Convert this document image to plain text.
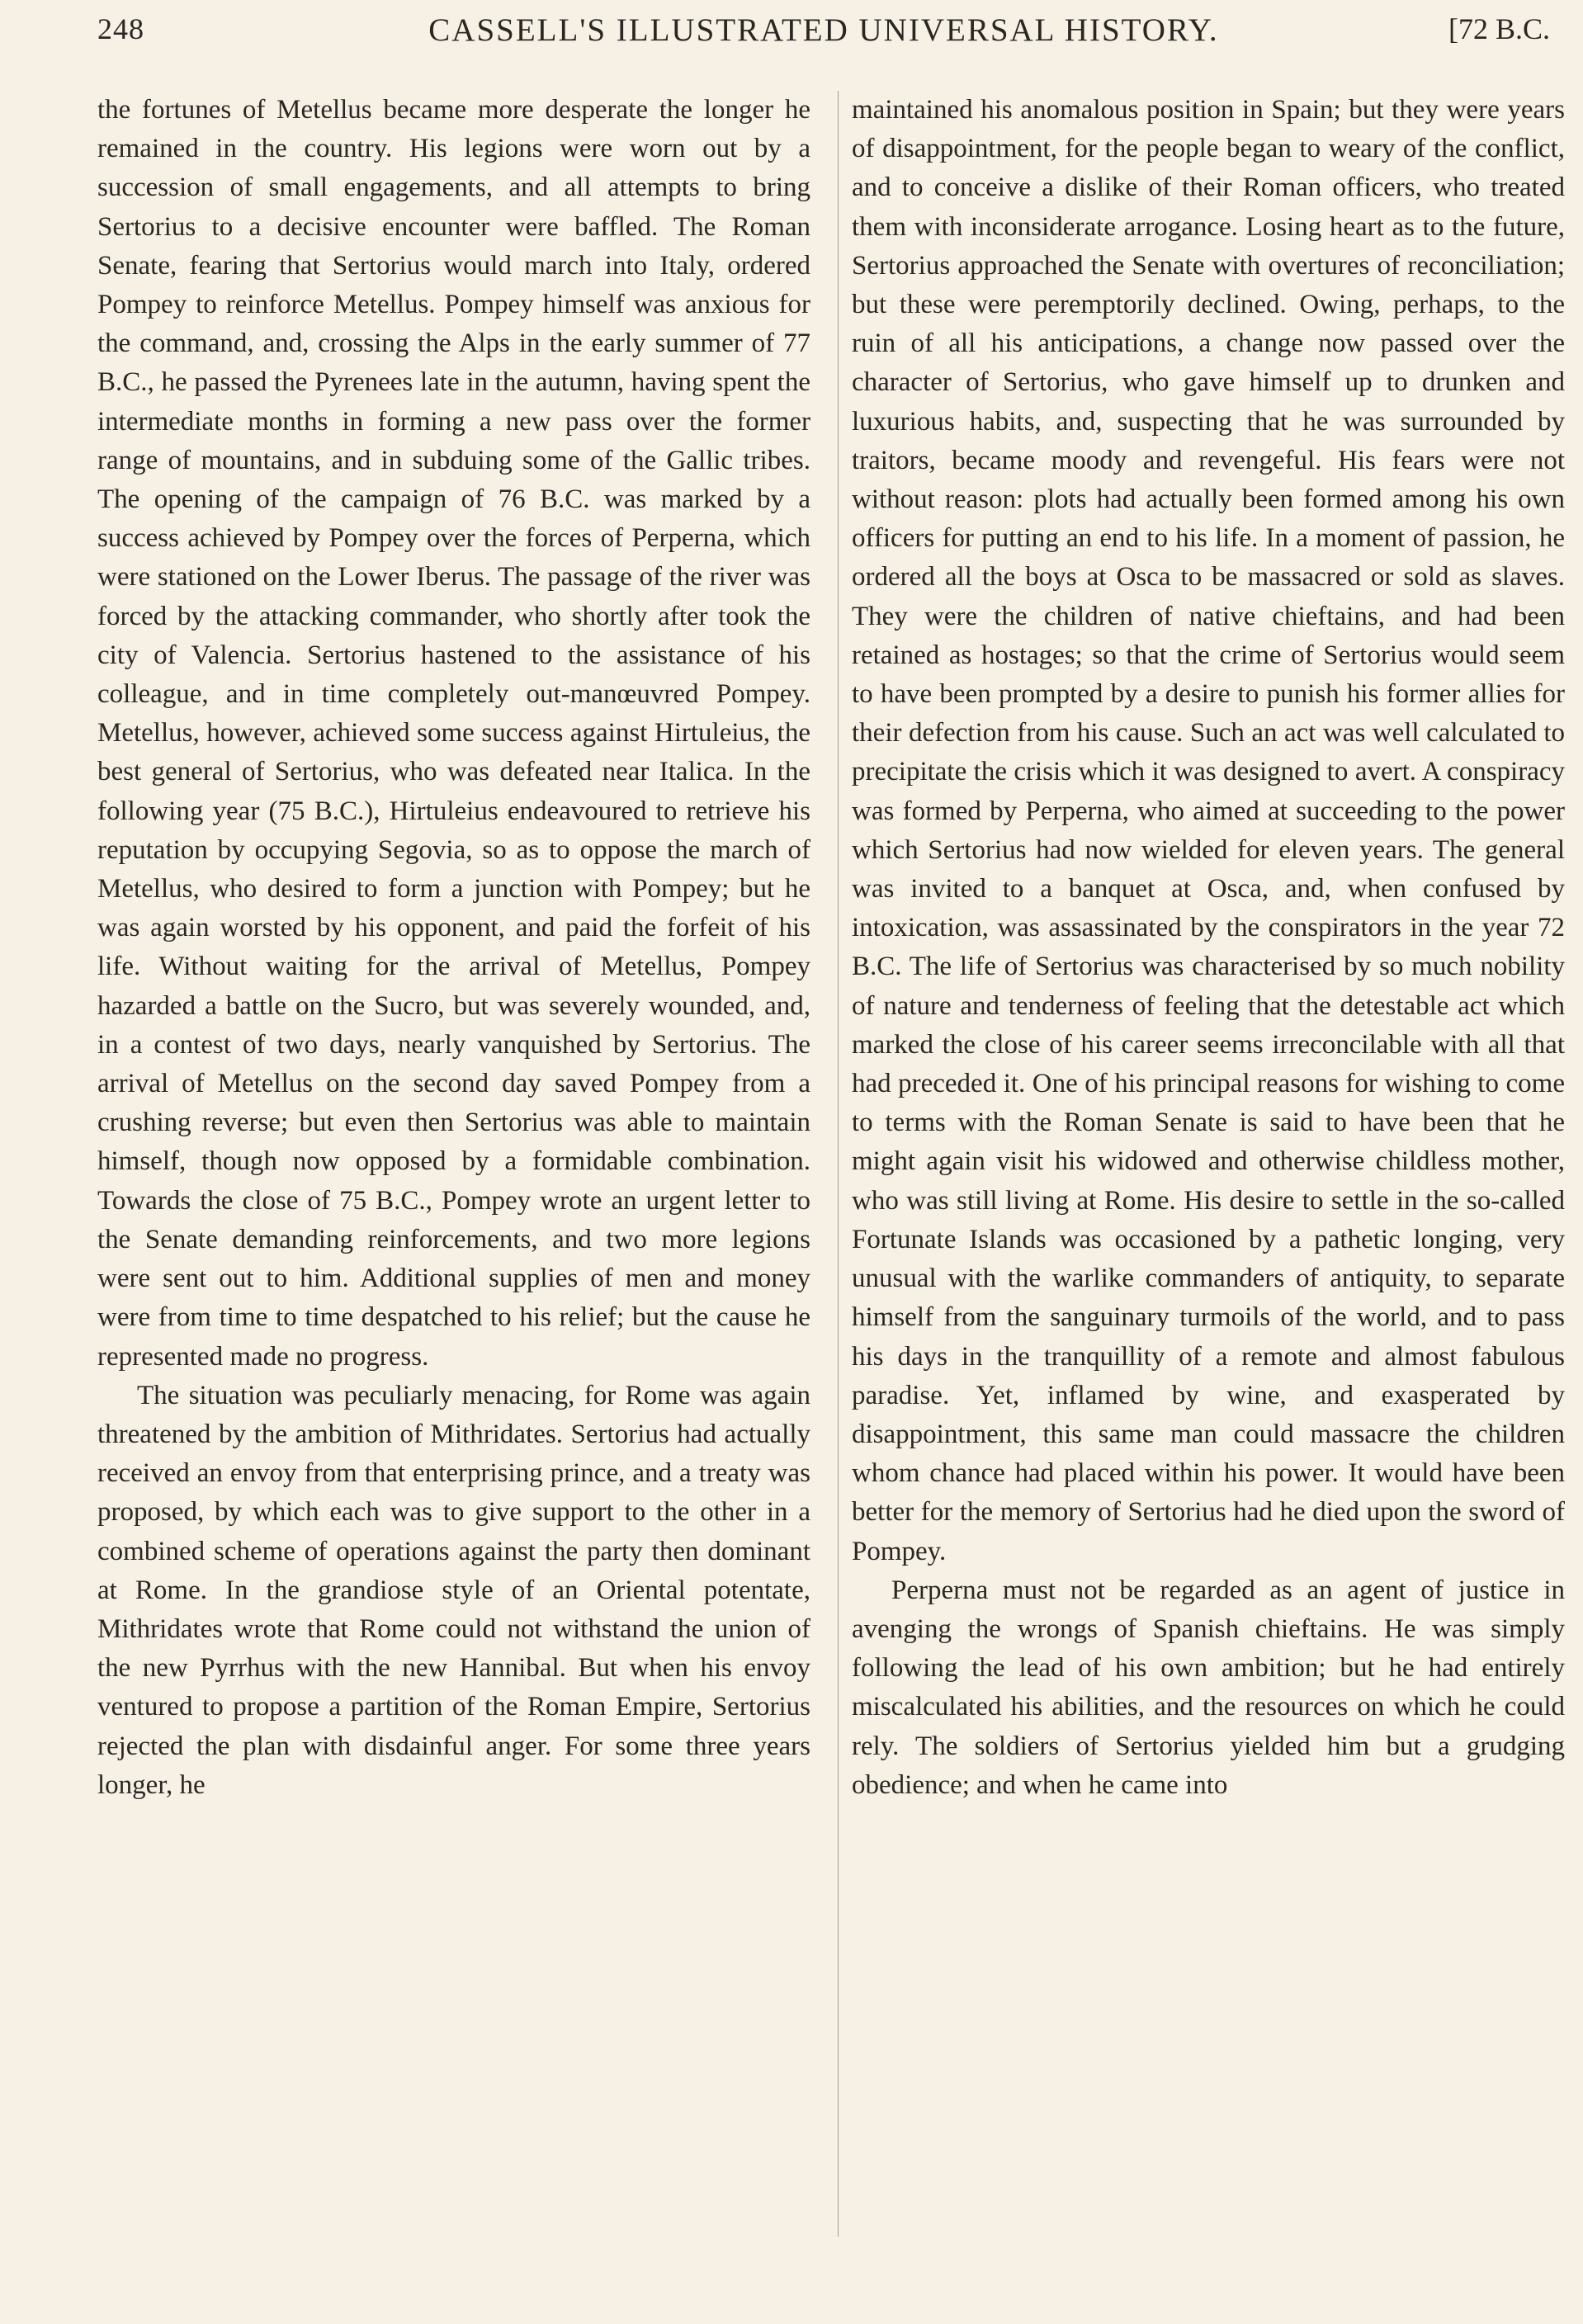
248	CASSELL'S ILLUSTRATED UNIVERSAL HISTORY.	[72 B.C.

the fortunes of Metellus became more desperate the longer he remained in the country. His legions were worn out by a succession of small engagements, and all attempts to bring Sertorius to a decisive encounter were baffled. The Roman Senate, fearing that Sertorius would march into Italy, ordered Pompey to reinforce Metellus. Pompey himself was anxious for the command, and, crossing the Alps in the early summer of 77 B.C., he passed the Pyrenees late in the autumn, having spent the intermediate months in forming a new pass over the former range of mountains, and in subduing some of the Gallic tribes. The opening of the campaign of 76 B.C. was marked by a success achieved by Pompey over the forces of Perperna, which were stationed on the Lower Iberus. The passage of the river was forced by the attacking commander, who shortly after took the city of Valencia. Sertorius hastened to the assistance of his colleague, and in time completely out-manœuvred Pompey. Metellus, however, achieved some success against Hirtuleius, the best general of Sertorius, who was defeated near Italica. In the following year (75 B.C.), Hirtuleius endeavoured to retrieve his reputation by occupying Segovia, so as to oppose the march of Metellus, who desired to form a junction with Pompey; but he was again worsted by his opponent, and paid the forfeit of his life. Without waiting for the arrival of Metellus, Pompey hazarded a battle on the Sucro, but was severely wounded, and, in a contest of two days, nearly vanquished by Sertorius. The arrival of Metellus on the second day saved Pompey from a crushing reverse; but even then Sertorius was able to maintain himself, though now opposed by a formidable combination. Towards the close of 75 B.C., Pompey wrote an urgent letter to the Senate demanding reinforcements, and two more legions were sent out to him. Additional supplies of men and money were from time to time despatched to his relief; but the cause he represented made no progress.

The situation was peculiarly menacing, for Rome was again threatened by the ambition of Mithridates. Sertorius had actually received an envoy from that enterprising prince, and a treaty was proposed, by which each was to give support to the other in a combined scheme of operations against the party then dominant at Rome. In the grandiose style of an Oriental potentate, Mithridates wrote that Rome could not withstand the union of the new Pyrrhus with the new Hannibal. But when his envoy ventured to propose a partition of the Roman Empire, Sertorius rejected the plan with disdainful anger. For some three years longer, he

maintained his anomalous position in Spain; but they were years of disappointment, for the people began to weary of the conflict, and to conceive a dislike of their Roman officers, who treated them with inconsiderate arrogance. Losing heart as to the future, Sertorius approached the Senate with overtures of reconciliation; but these were peremptorily declined. Owing, perhaps, to the ruin of all his anticipations, a change now passed over the character of Sertorius, who gave himself up to drunken and luxurious habits, and, suspecting that he was surrounded by traitors, became moody and revengeful. His fears were not without reason: plots had actually been formed among his own officers for putting an end to his life. In a moment of passion, he ordered all the boys at Osca to be massacred or sold as slaves. They were the children of native chieftains, and had been retained as hostages; so that the crime of Sertorius would seem to have been prompted by a desire to punish his former allies for their defection from his cause. Such an act was well calculated to precipitate the crisis which it was designed to avert. A conspiracy was formed by Perperna, who aimed at succeeding to the power which Sertorius had now wielded for eleven years. The general was invited to a banquet at Osca, and, when confused by intoxication, was assassinated by the conspirators in the year 72 B.C. The life of Sertorius was characterised by so much nobility of nature and tenderness of feeling that the detestable act which marked the close of his career seems irreconcilable with all that had preceded it. One of his principal reasons for wishing to come to terms with the Roman Senate is said to have been that he might again visit his widowed and otherwise childless mother, who was still living at Rome. His desire to settle in the so-called Fortunate Islands was occasioned by a pathetic longing, very unusual with the warlike commanders of antiquity, to separate himself from the sanguinary turmoils of the world, and to pass his days in the tranquillity of a remote and almost fabulous paradise. Yet, inflamed by wine, and exasperated by disappointment, this same man could massacre the children whom chance had placed within his power. It would have been better for the memory of Sertorius had he died upon the sword of Pompey.

Perperna must not be regarded as an agent of justice in avenging the wrongs of Spanish chieftains. He was simply following the lead of his own ambition; but he had entirely miscalculated his abilities, and the resources on which he could rely. The soldiers of Sertorius yielded him but a grudging obedience; and when he came into
